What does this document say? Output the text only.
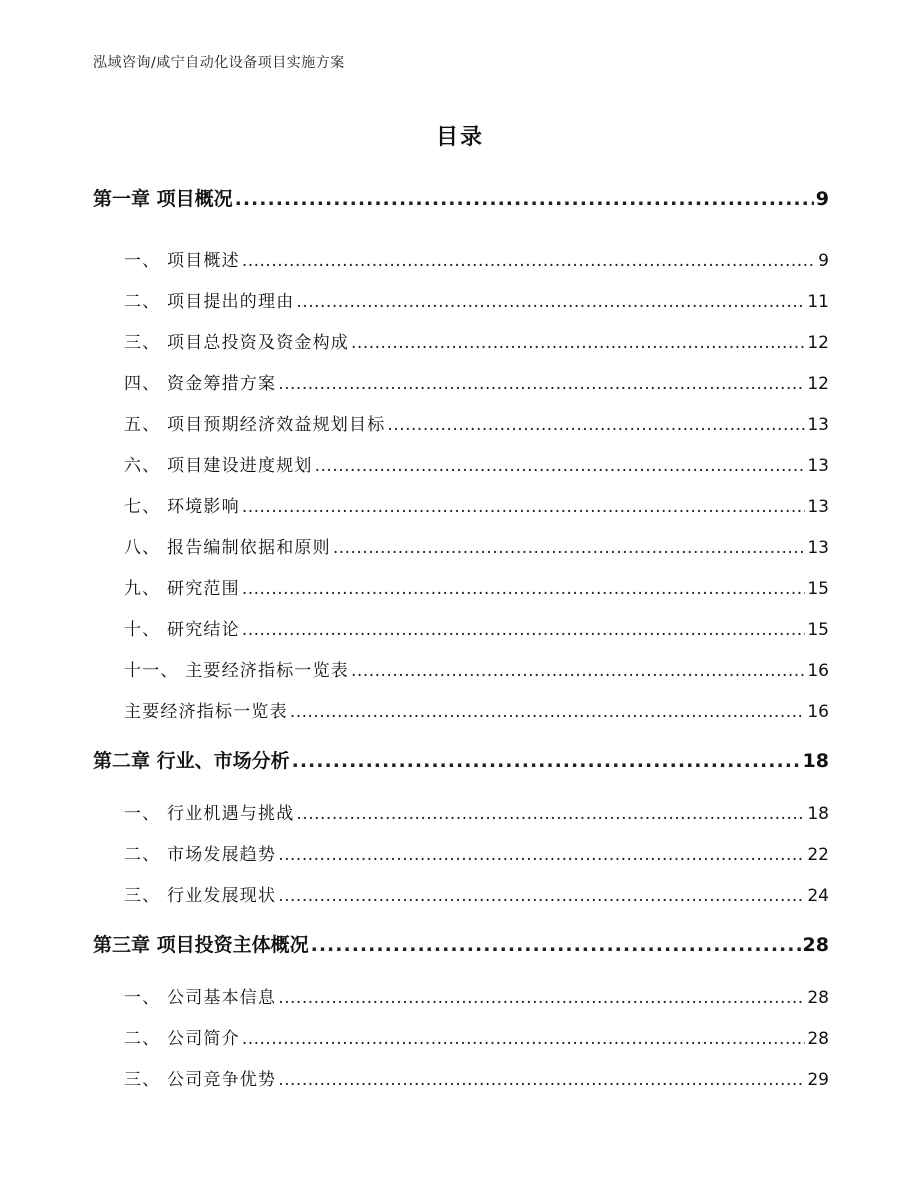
泓域咨询/咸宁自动化设备项目实施方案
目录
第一章 项目概况 .....	9
一、 项目概述 .....	9
二、 项目提出的理由 .....	11
三、 项目总投资及资金构成 .....	12
四、 资金筹措方案 .....	12
五、 项目预期经济效益规划目标 .....	13
六、 项目建设进度规划 .....	13
七、 环境影响 .....	13
八、 报告编制依据和原则 .....	13
九、 研究范围 .....	15
十、 研究结论 .....	15
十一、 主要经济指标一览表 .....	16
主要经济指标一览表 .....	16
第二章 行业、市场分析 .....	18
一、 行业机遇与挑战 .....	18
二、 市场发展趋势 .....	22
三、 行业发展现状 .....	24
第三章 项目投资主体概况 .....	28
一、 公司基本信息 .....	28
二、 公司简介 .....	28
三、 公司竞争优势 .....	29
